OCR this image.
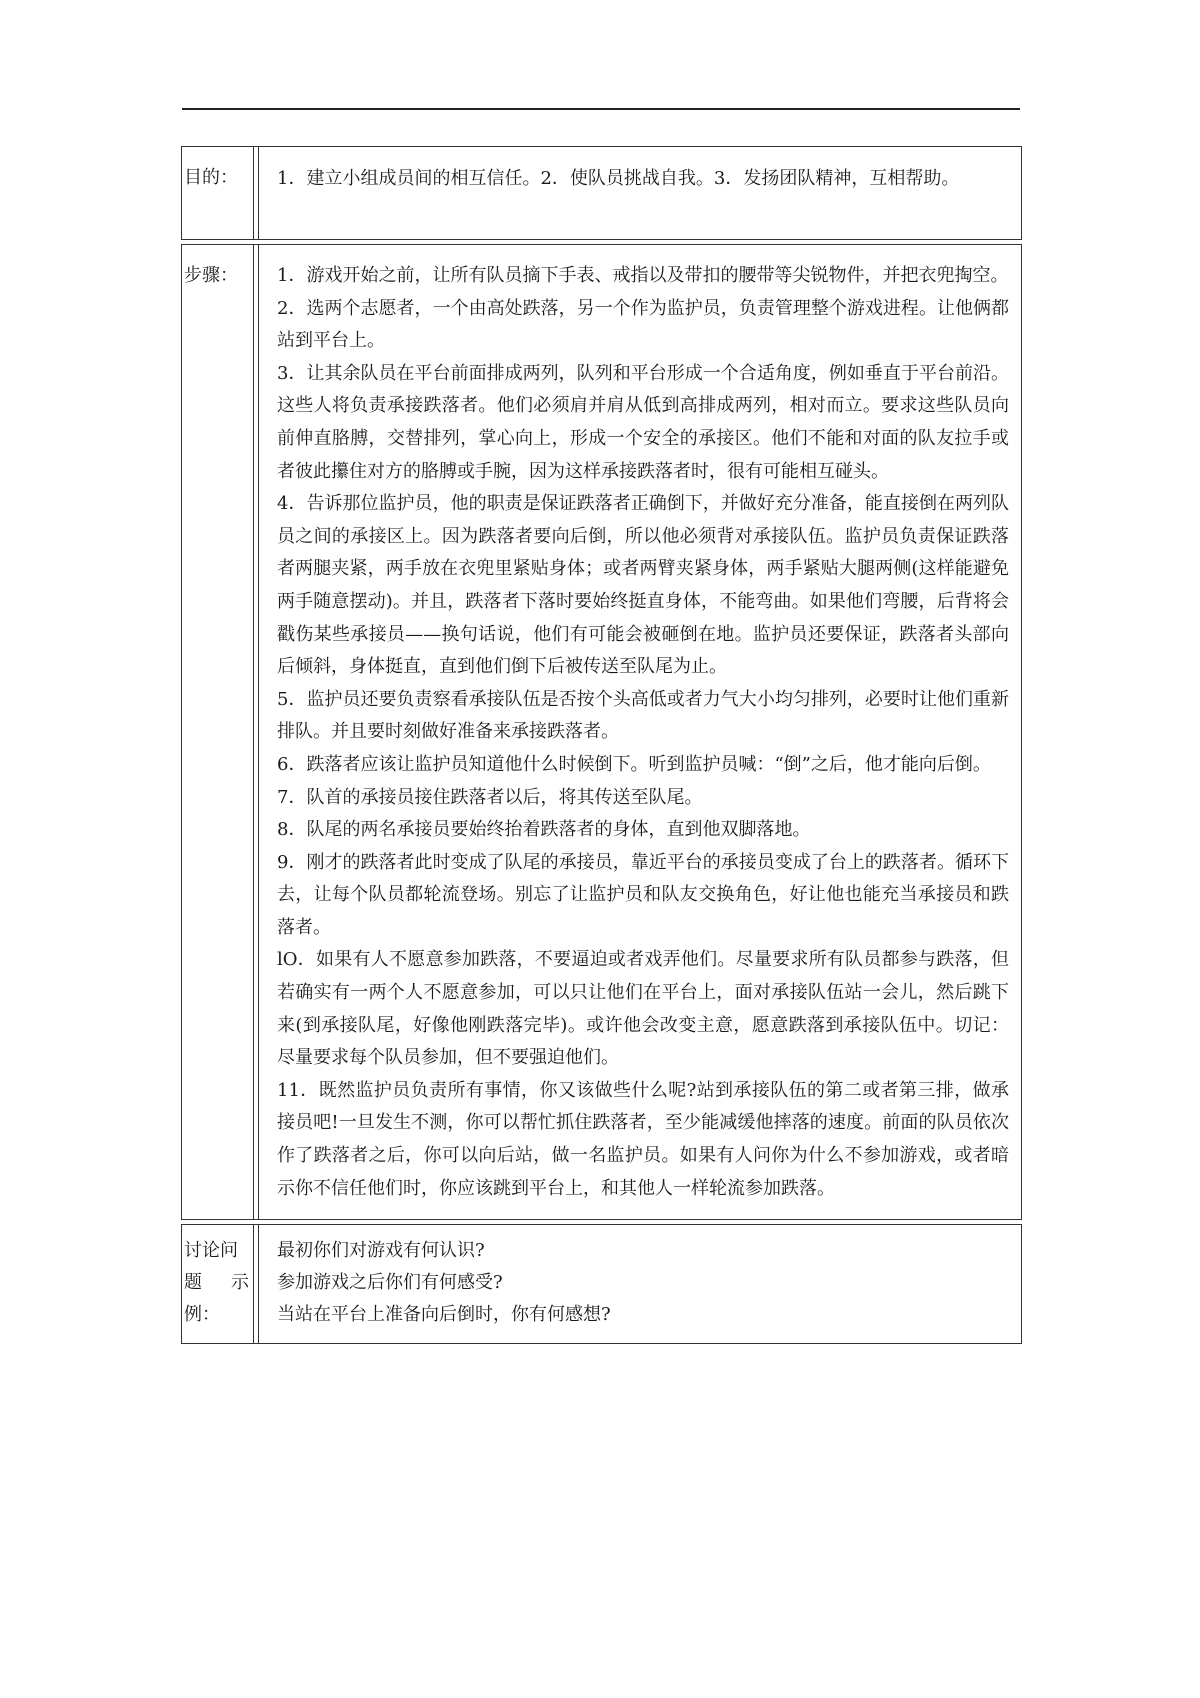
目的：	1．建立小组成员间的相互信任。2．使队员挑战自我。3．发扬团队精神，互相帮助。

步骤：	1．游戏开始之前，让所有队员摘下手表、戒指以及带扣的腰带等尖锐物件，并把衣兜掏空。

2．选两个志愿者，一个由高处跌落，另一个作为监护员，负责管理整个游戏进程。让他俩都站到平台上。

3．让其余队员在平台前面排成两列，队列和平台形成一个合适角度，例如垂直于平台前沿。这些人将负责承接跌落者。他们必须肩并肩从低到高排成两列，相对而立。要求这些队员向前伸直胳膊，交替排列，掌心向上，形成一个安全的承接区。他们不能和对面的队友拉手或者彼此攥住对方的胳膊或手腕，因为这样承接跌落者时，很有可能相互碰头。

4．告诉那位监护员，他的职责是保证跌落者正确倒下，并做好充分准备，能直接倒在两列队员之间的承接区上。因为跌落者要向后倒，所以他必须背对承接队伍。监护员负责保证跌落者两腿夹紧，两手放在衣兜里紧贴身体；或者两臂夹紧身体，两手紧贴大腿两侧(这样能避免两手随意摆动)。并且，跌落者下落时要始终挺直身体，不能弯曲。如果他们弯腰，后背将会戳伤某些承接员——换句话说，他们有可能会被砸倒在地。监护员还要保证，跌落者头部向后倾斜，身体挺直，直到他们倒下后被传送至队尾为止。

5．监护员还要负责察看承接队伍是否按个头高低或者力气大小均匀排列，必要时让他们重新排队。并且要时刻做好准备来承接跌落者。

6．跌落者应该让监护员知道他什么时候倒下。听到监护员喊：“倒”之后，他才能向后倒。

7．队首的承接员接住跌落者以后，将其传送至队尾。

8．队尾的两名承接员要始终抬着跌落者的身体，直到他双脚落地。

9．刚才的跌落者此时变成了队尾的承接员，靠近平台的承接员变成了台上的跌落者。循环下去，让每个队员都轮流登场。别忘了让监护员和队友交换角色，好让他也能充当承接员和跌落者。

lO．如果有人不愿意参加跌落，不要逼迫或者戏弄他们。尽量要求所有队员都参与跌落，但若确实有一两个人不愿意参加，可以只让他们在平台上，面对承接队伍站一会儿，然后跳下来(到承接队尾，好像他刚跌落完毕)。或许他会改变主意，愿意跌落到承接队伍中。切记：尽量要求每个队员参加，但不要强迫他们。

11．既然监护员负责所有事情，你又该做些什么呢?站到承接队伍的第二或者第三排，做承接员吧!一旦发生不测，你可以帮忙抓住跌落者，至少能减缓他摔落的速度。前面的队员依次作了跌落者之后，你可以向后站，做一名监护员。如果有人问你为什么不参加游戏，或者暗示你不信任他们时，你应该跳到平台上，和其他人一样轮流参加跌落。

讨论问
题 示
例：

最初你们对游戏有何认识?

参加游戏之后你们有何感受?

当站在平台上准备向后倒时，你有何感想?
